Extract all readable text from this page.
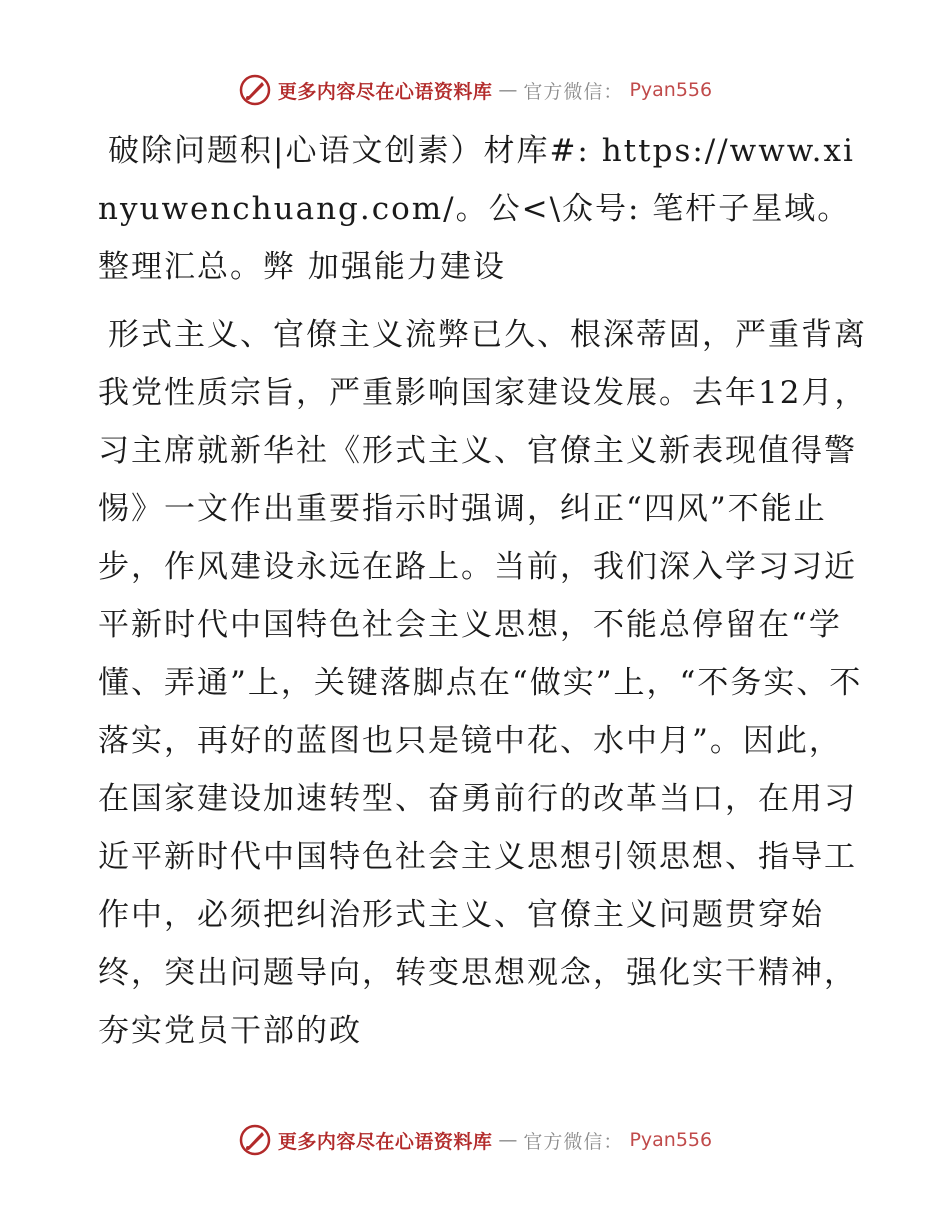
更多内容尽在心语资料库 — 官方微信： Pyan556

破除问题积|心语文创素）材库#: https://www.xinyuwenchuang.com/。公<\众号: 笔杆子星域。整理汇总。弊 加强能力建设

形式主义、官僚主义流弊已久、根深蒂固，严重背离我党性质宗旨，严重影响国家建设发展。去年12月，习主席就新华社《形式主义、官僚主义新表现值得警惕》一文作出重要指示时强调，纠正“四风”不能止步，作风建设永远在路上。当前，我们深入学习习近平新时代中国特色社会主义思想，不能总停留在“学懂、弄通”上，关键落脚点在“做实”上，“不务实、不落实，再好的蓝图也只是镜中花、水中月”。因此，在国家建设加速转型、奋勇前行的改革当口，在用习近平新时代中国特色社会主义思想引领思想、指导工作中，必须把纠治形式主义、官僚主义问题贯穿始终，突出问题导向，转变思想观念，强化实干精神，夯实党员干部的政

更多内容尽在心语资料库 — 官方微信： Pyan556
